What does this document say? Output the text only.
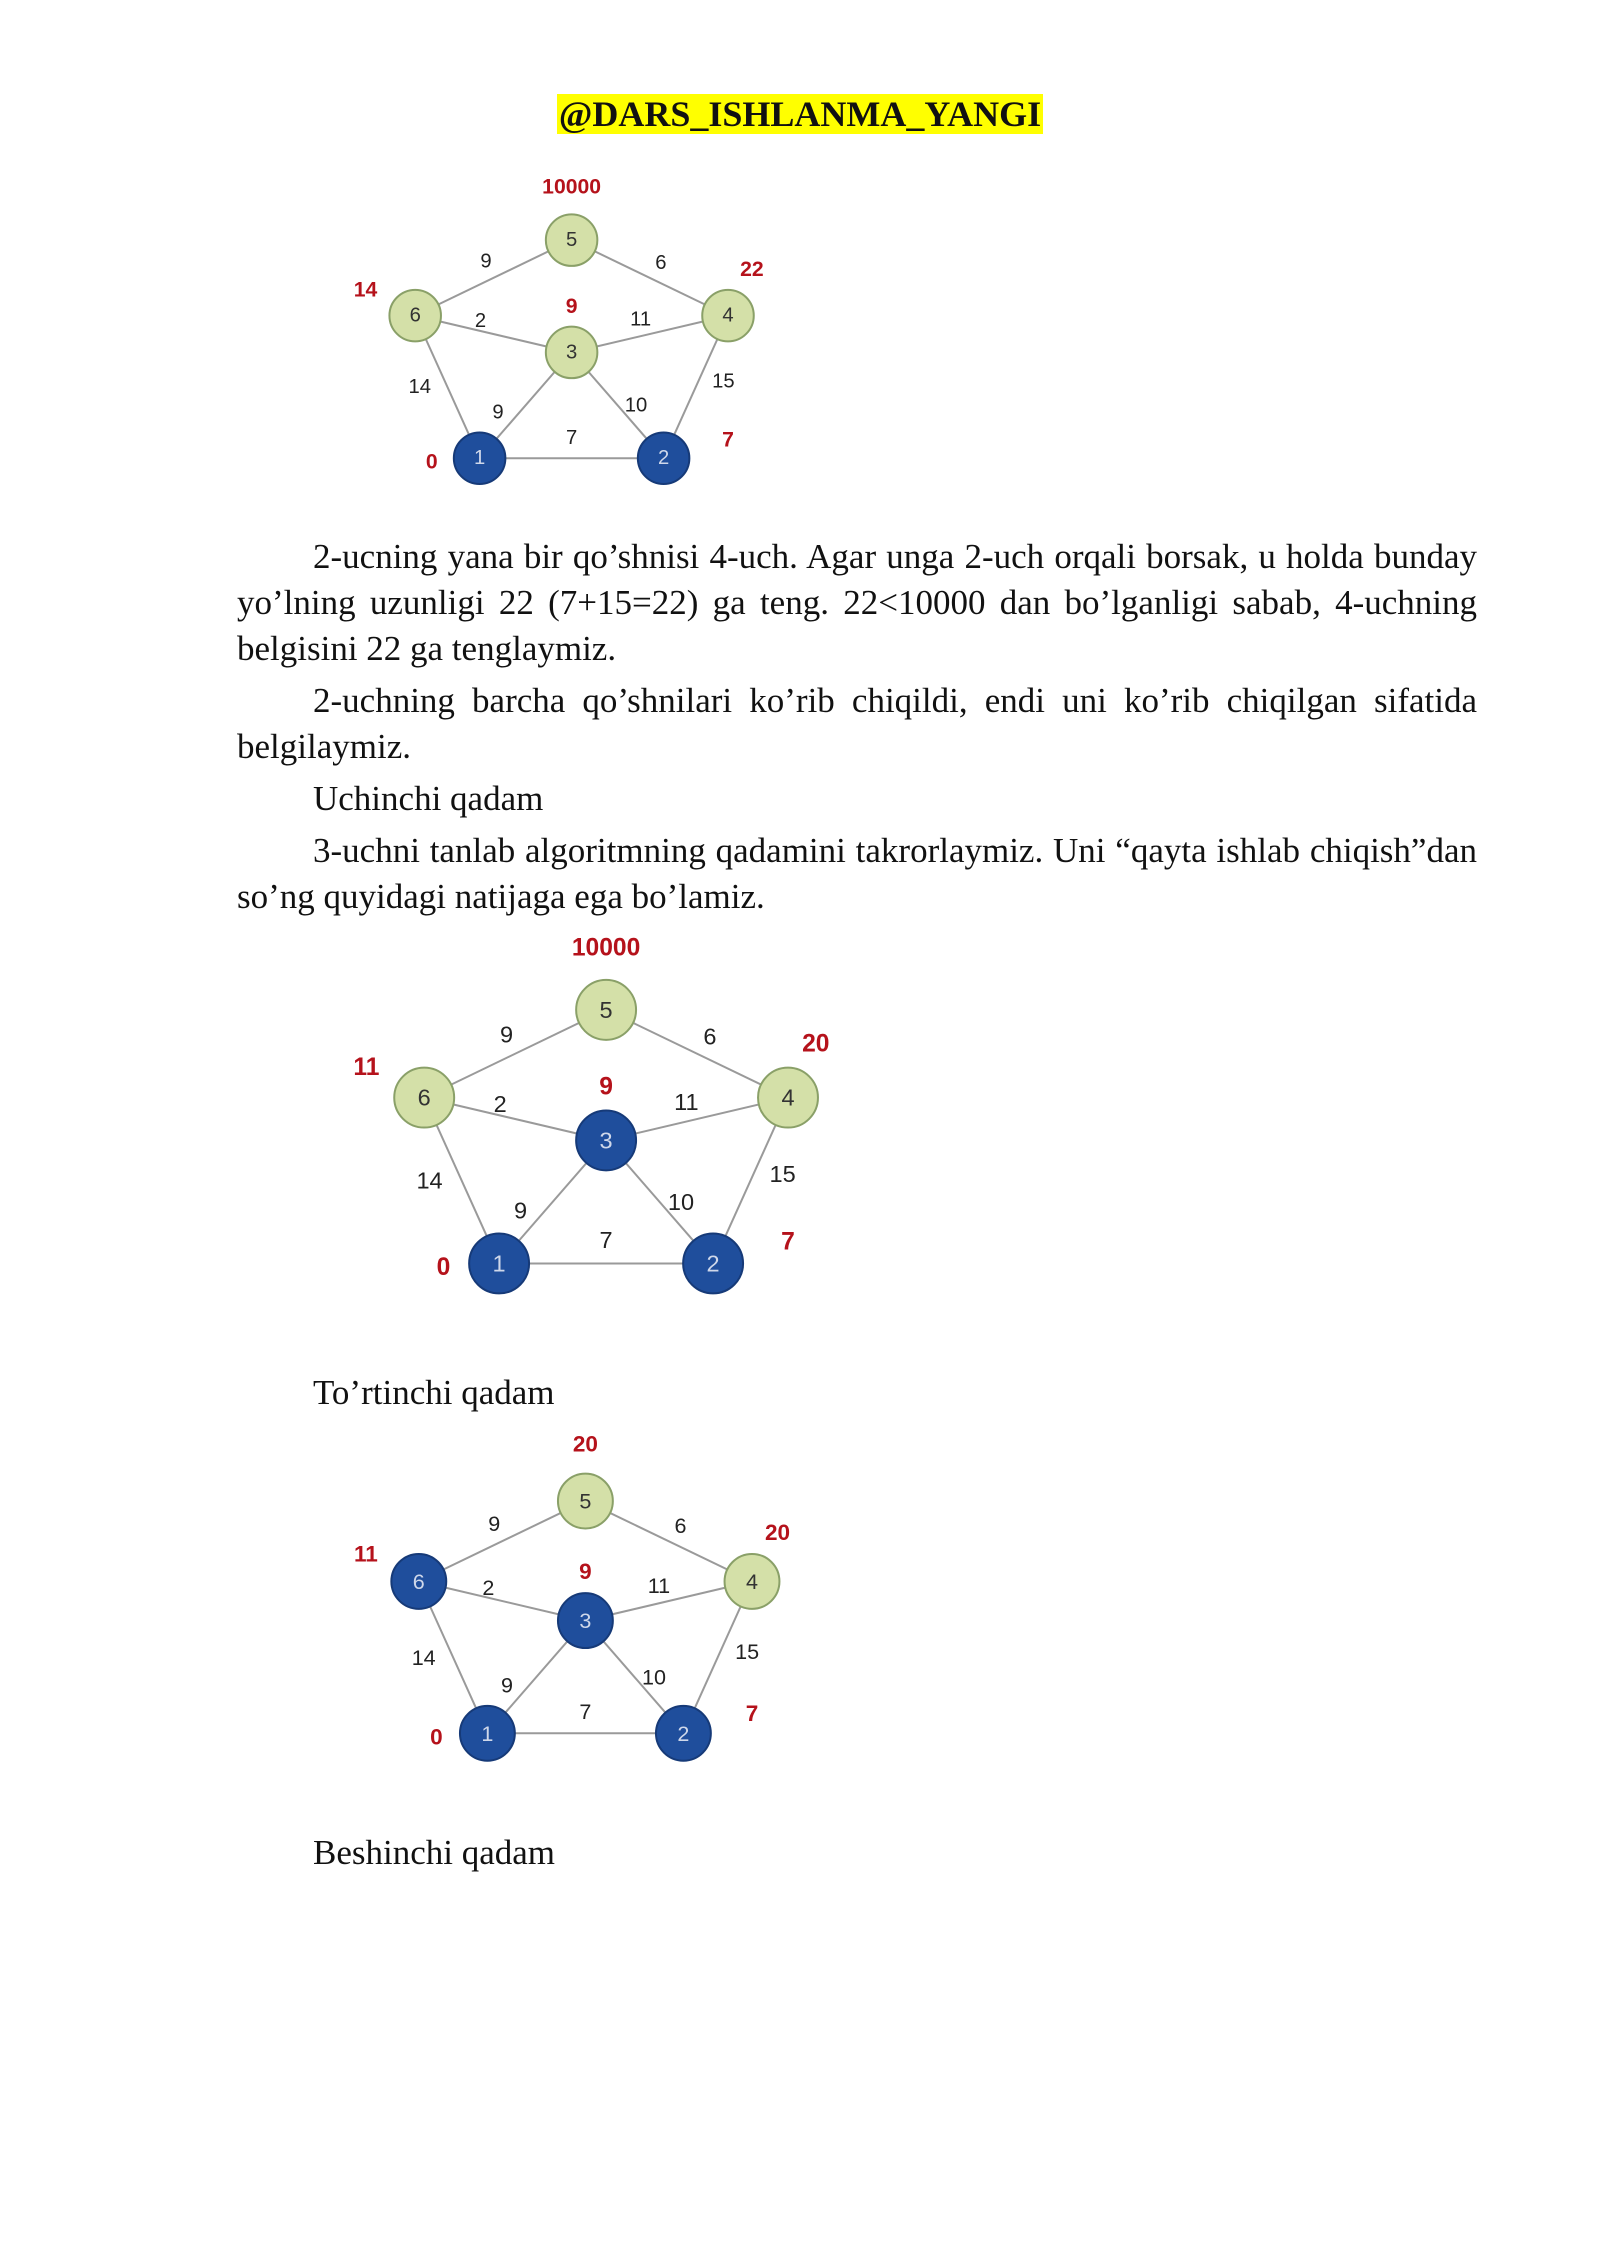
@DARS_ISHLANMA_YANGI
9	6
2	11
14
9	10
15
7
1
0	2
7
3
9	4
22
5
10000
6
14

2-ucning yana bir qo’shnisi 4-uch. Agar unga 2-uch orqali borsak, u holda bunday yo’lning uzunligi 22 (7+15=22) ga teng. 22<10000 dan bo’lganligi sabab, 4-uchning belgisini 22 ga tenglaymiz.

2-uchning barcha qo’shnilari ko’rib chiqildi, endi uni ko’rib chiqilgan sifatida belgilaymiz.

Uchinchi qadam

3-uchni tanlab algoritmning qadamini takrorlaymiz. Uni “qayta ishlab chiqish”dan so’ng quyidagi natijaga ega bo’lamiz.

9	6
2	11
14
9	10
15
7
1
0	2
7
3
9	4
20
5
10000
6
11
To’rtinchi qadam
9	6
2	11
14
9	10
15
7
1
0	2
7
3
9	4
20
5
20
6
11
Beshinchi qadam
